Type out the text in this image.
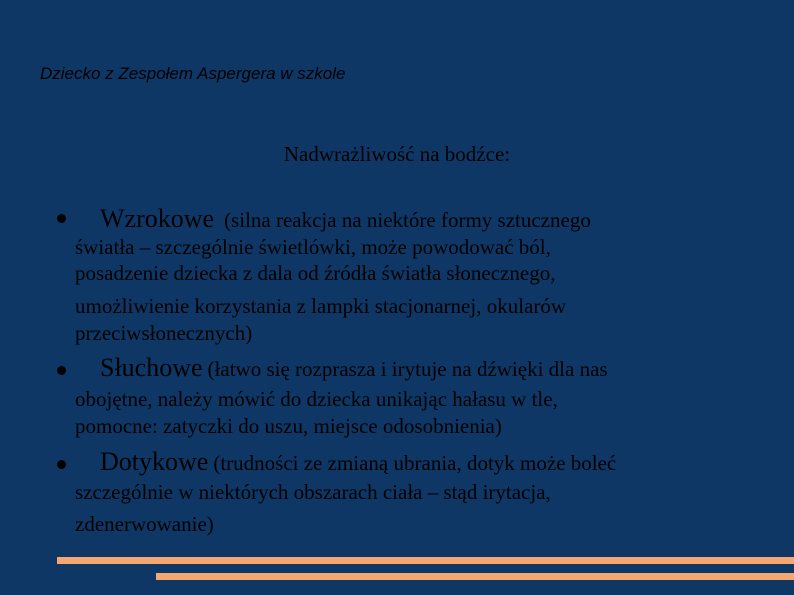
Dziecko z Zespołem Aspergera w szkole
Nadwrażliwość na bodźce:
Wzrokowe (silna reakcja na niektóre formy sztucznego
światła – szczególnie świetlówki, może powodować ból,
posadzenie dziecka z dala od źródła światła słonecznego,
umożliwienie korzystania z lampki stacjonarnej, okularów
przeciwsłonecznych)
Słuchowe (łatwo się rozprasza i irytuje na dźwięki dla nas
obojętne, należy mówić do dziecka unikając hałasu w tle,
pomocne: zatyczki do uszu, miejsce odosobnienia)
Dotykowe (trudności ze zmianą ubrania, dotyk może boleć
szczególnie w niektórych obszarach ciała – stąd irytacja,
zdenerwowanie)
